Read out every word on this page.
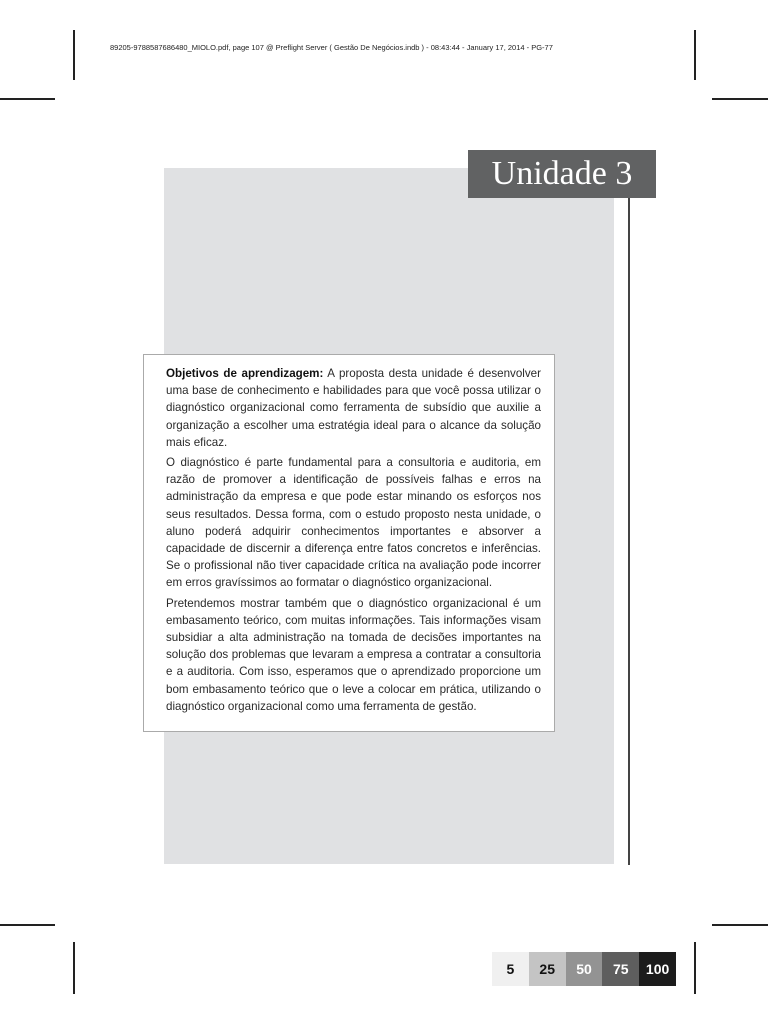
89205-9788587686480_MIOLO.pdf, page 107 @ Preflight Server ( Gestão De Negócios.indb ) - 08:43:44 - January 17, 2014 - PG-77
Unidade 3

Objetivos de aprendizagem: A proposta desta unidade é desenvolver uma base de conhecimento e habilidades para que você possa utilizar o diagnóstico organizacional como ferramenta de subsídio que auxilie a organização a escolher uma estratégia ideal para o alcance da solução mais eficaz.

O diagnóstico é parte fundamental para a consultoria e auditoria, em razão de promover a identificação de possíveis falhas e erros na administração da empresa e que pode estar minando os esforços nos seus resultados. Dessa forma, com o estudo proposto nesta unidade, o aluno poderá adquirir conhecimentos importantes e absorver a capacidade de discernir a diferença entre fatos concretos e inferências. Se o profissional não tiver capacidade crítica na avaliação pode incorrer em erros gravíssimos ao formatar o diagnóstico organizacional.

Pretendemos mostrar também que o diagnóstico organizacional é um embasamento teórico, com muitas informações. Tais informações visam subsidiar a alta administração na tomada de decisões importantes na solução dos problemas que levaram a empresa a contratar a consultoria e a auditoria. Com isso, esperamos que o aprendizado proporcione um bom embasamento teórico que o leve a colocar em prática, utilizando o diagnóstico organizacional como uma ferramenta de gestão.

5	25	50	75	100
